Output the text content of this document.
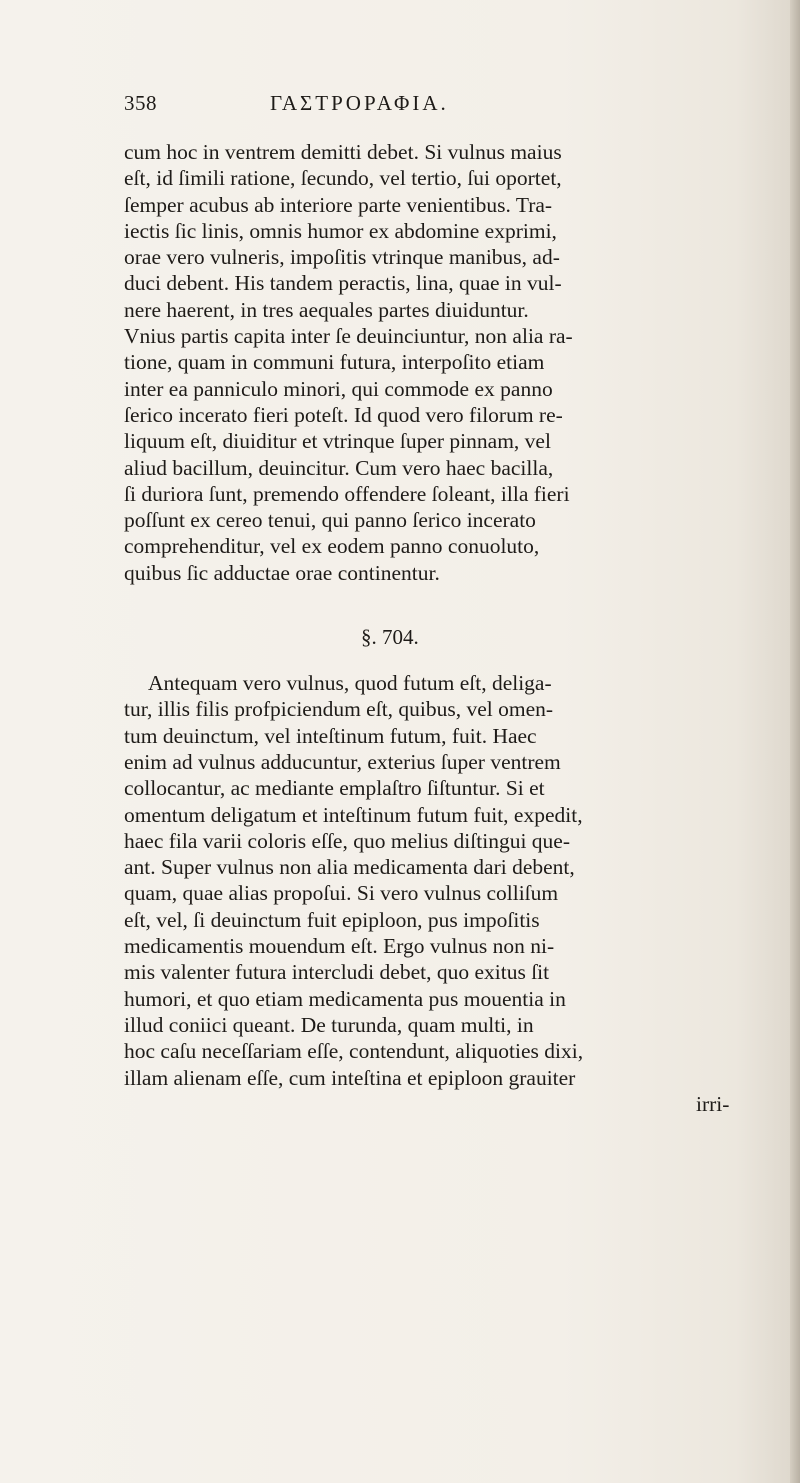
358	ΓΑΣΤΡΟΡΑΦΙΑ.
cum hoc in ventrem demitti debet. Si vulnus maius
eſt, id ſimili ratione, ſecundo, vel tertio, ſui oportet,
ſemper acubus ab interiore parte venientibus. Tra-
iectis ſic linis, omnis humor ex abdomine exprimi,
orae vero vulneris, impoſitis vtrinque manibus, ad-
duci debent. His tandem peractis, lina, quae in vul-
nere haerent, in tres aequales partes diuiduntur.
Vnius partis capita inter ſe deuinciuntur, non alia ra-
tione, quam in communi futura, interpoſito etiam
inter ea panniculo minori, qui commode ex panno
ſerico incerato fieri poteſt. Id quod vero filorum re-
liquum eſt, diuiditur et vtrinque ſuper pinnam, vel
aliud bacillum, deuincitur. Cum vero haec bacilla,
ſi duriora ſunt, premendo offendere ſoleant, illa fieri
poſſunt ex cereo tenui, qui panno ſerico incerato
comprehenditur, vel ex eodem panno conuoluto,
quibus ſic adductae orae continentur.
§. 704.
Antequam vero vulnus, quod futum eſt, deliga-
tur, illis filis profpiciendum eſt, quibus, vel omen-
tum deuinctum, vel inteſtinum futum, fuit. Haec
enim ad vulnus adducuntur, exterius ſuper ventrem
collocantur, ac mediante emplaſtro ſiſtuntur. Si et
omentum deligatum et inteſtinum futum fuit, expedit,
haec fila varii coloris eſſe, quo melius diſtingui que-
ant. Super vulnus non alia medicamenta dari debent,
quam, quae alias propoſui. Si vero vulnus colliſum
eſt, vel, ſi deuinctum fuit epiploon, pus impoſitis
medicamentis mouendum eſt. Ergo vulnus non ni-
mis valenter futura intercludi debet, quo exitus ſit
humori, et quo etiam medicamenta pus mouentia in
illud coniici queant. De turunda, quam multi, in
hoc caſu neceſſariam eſſe, contendunt, aliquoties dixi,
illam alienam eſſe, cum inteſtina et epiploon grauiter
irri-
